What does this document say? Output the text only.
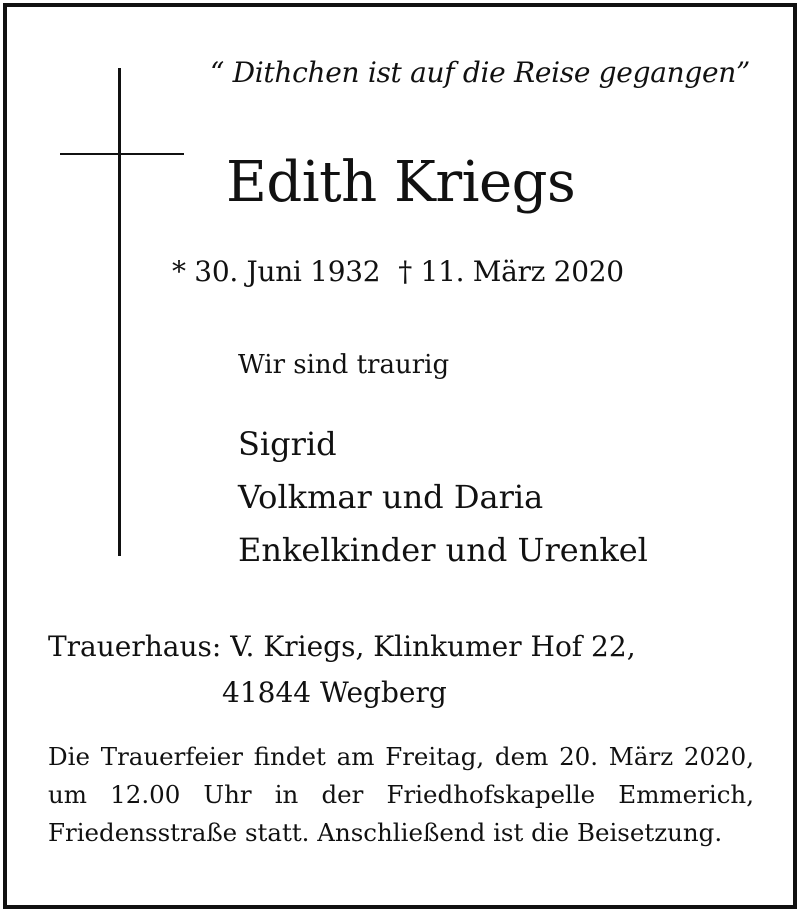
“ Dithchen ist auf die Reise gegangen”
Edith Kriegs
* 30. Juni 1932 † 11. März 2020
Wir sind traurig
Sigrid
Volkmar und Daria
Enkelkinder und Urenkel
Trauerhaus: V. Kriegs, Klinkumer Hof 22,
41844 Wegberg
Die Trauerfeier findet am Freitag, dem 20. März 2020, um 12.00 Uhr in der Friedhofskapelle Emmerich, Friedensstraße statt. Anschließend ist die Beisetzung.
